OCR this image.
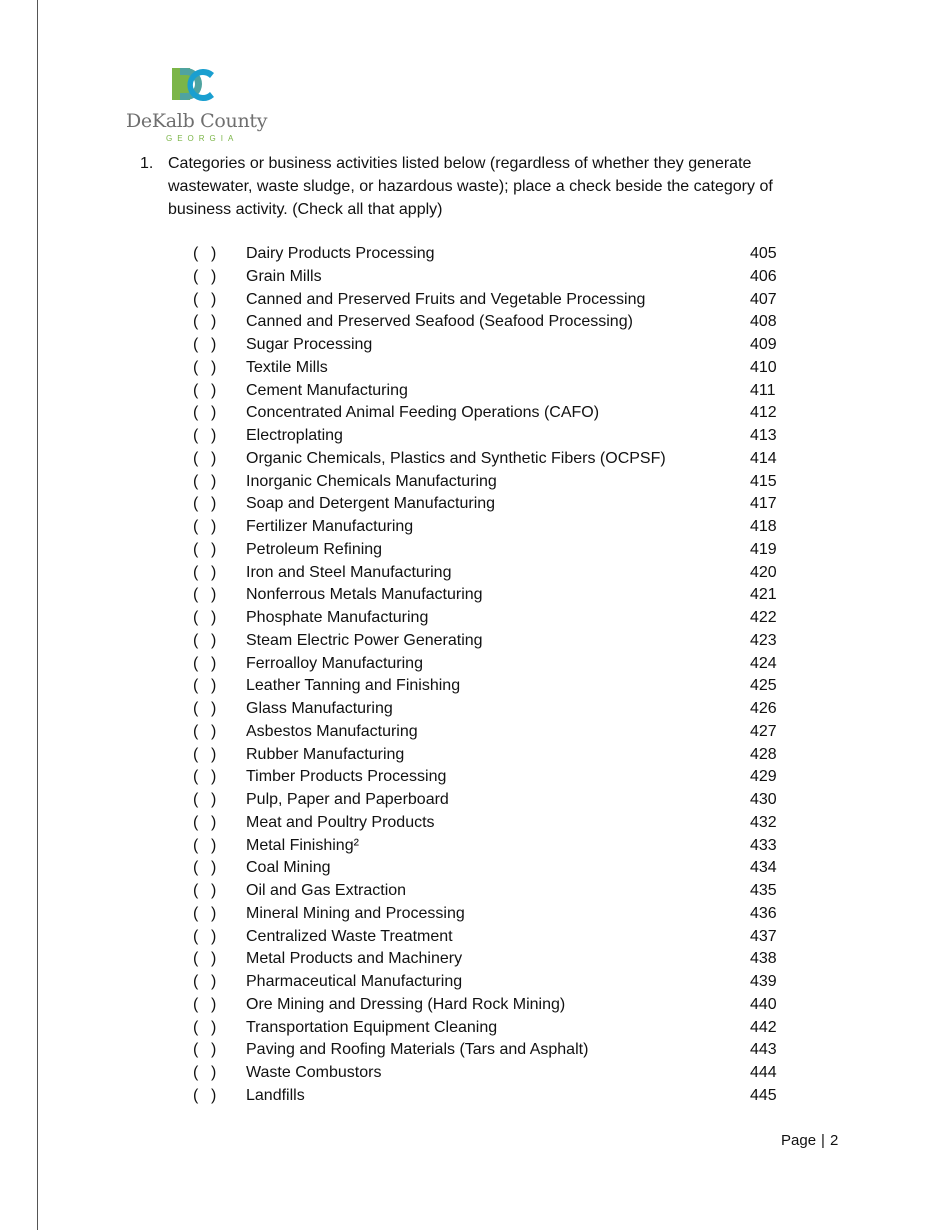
DeKalb County
GEORGIA
1. Categories or business activities listed below (regardless of whether they generate wastewater, waste sludge, or hazardous waste); place a check beside the category of business activity. (Check all that apply)
( ) Dairy Products Processing	405
( ) Grain Mills	406
( ) Canned and Preserved Fruits and Vegetable Processing	407
( ) Canned and Preserved Seafood (Seafood Processing)	408
( ) Sugar Processing	409
( ) Textile Mills	410
( ) Cement Manufacturing	411
( ) Concentrated Animal Feeding Operations (CAFO)	412
( ) Electroplating	413
( ) Organic Chemicals, Plastics and Synthetic Fibers (OCPSF)	414
( ) Inorganic Chemicals Manufacturing	415
( ) Soap and Detergent Manufacturing	417
( ) Fertilizer Manufacturing	418
( ) Petroleum Refining	419
( ) Iron and Steel Manufacturing	420
( ) Nonferrous Metals Manufacturing	421
( ) Phosphate Manufacturing	422
( ) Steam Electric Power Generating	423
( ) Ferroalloy Manufacturing	424
( ) Leather Tanning and Finishing	425
( ) Glass Manufacturing	426
( ) Asbestos Manufacturing	427
( ) Rubber Manufacturing	428
( ) Timber Products Processing	429
( ) Pulp, Paper and Paperboard	430
( ) Meat and Poultry Products	432
( ) Metal Finishing²	433
( ) Coal Mining	434
( ) Oil and Gas Extraction	435
( ) Mineral Mining and Processing	436
( ) Centralized Waste Treatment	437
( ) Metal Products and Machinery	438
( ) Pharmaceutical Manufacturing	439
( ) Ore Mining and Dressing (Hard Rock Mining)	440
( ) Transportation Equipment Cleaning	442
( ) Paving and Roofing Materials (Tars and Asphalt)	443
( ) Waste Combustors	444
( ) Landfills	445
Page | 2
